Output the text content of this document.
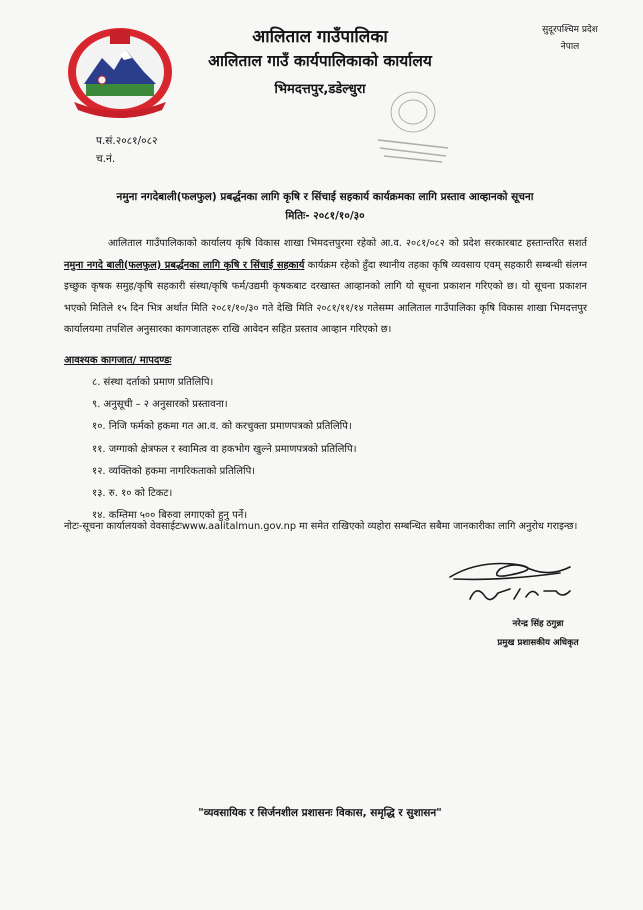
आलिताल गाउँपालिका
आलिताल गाउँ कार्यपालिकाको कार्यालय
भिमदत्तपुर,डडेल्धुरा
सुदूरपश्चिम प्रदेश
नेपाल
प.सं.२०८१/०८२
च.नं.
नमुना नगदेबाली(फलफुल) प्रबर्द्धनका लागि कृषि र सिंचाई सहकार्य कार्यक्रमका लागि प्रस्ताव आव्हानको सूचना
मितिः- २०८१/१०/३०
आलिताल गाउँपालिकाको कार्यालय कृषि विकास शाखा भिमदत्तपुरमा रहेको आ.व. २०८१/०८२ को प्रदेश सरकारबाट हस्तान्तरित सशर्त नमुना नगदे बाली(फलफुल) प्रबर्द्धनका लागि कृषि र सिंचाई सहकार्य कार्यक्रम रहेको हुँदा स्थानीय तहका कृषि व्यवसाय एवम् सहकारी सम्बन्धी संलग्न इच्छुक कृषक समुह/कृषि सहकारी संस्था/कृषि फर्म/उद्यमी कृषकबाट दरखास्त आव्हानको लागि यो सूचना प्रकाशन गरिएको छ। यो सूचना प्रकाशन भएको मितिले १५ दिन भित्र अर्थात मिति २०८१/१०/३० गते देखि मिति २०८१/११/१४ गतेसम्म आलिताल गाउँपालिका कृषि विकास शाखा भिमदत्तपुर कार्यालयमा तपशिल अनुसारका कागजातहरू राखि आवेदन सहित प्रस्ताव आव्हान गरिएको छ।
आवश्यक कागजात/ मापदण्डः
८. संस्था दर्ताको प्रमाण प्रतिलिपि।
९. अनुसूची – २ अनुसारको प्रस्तावना।
१०. निजि फर्मको हकमा गत आ.व. को करचुक्ता प्रमाणपत्रको प्रतिलिपि।
११. जग्गाको क्षेत्रफल र स्वामित्व वा हकभोग खुल्ने प्रमाणपत्रको प्रतिलिपि।
१२. व्यक्तिको हकमा नागरिकताको प्रतिलिपि।
१३. रु. १० को टिकट।
१४. कम्तिमा ५०० बिरुवा लगाएको हुनु पर्ने।
नोटः-सूचना कार्यालयको वेवसाईटःwww.aalitalmun.gov.np मा समेत राखिएको व्यहोरा सम्बन्धित सबैमा जानकारीका लागि अनुरोध गराइन्छ।
नरेन्द्र सिंह ठगुन्ना
प्रमुख प्रशासकीय अधिकृत
"व्यवसायिक र सिर्जनशील प्रशासनः विकास, समृद्धि र सुशासन"
